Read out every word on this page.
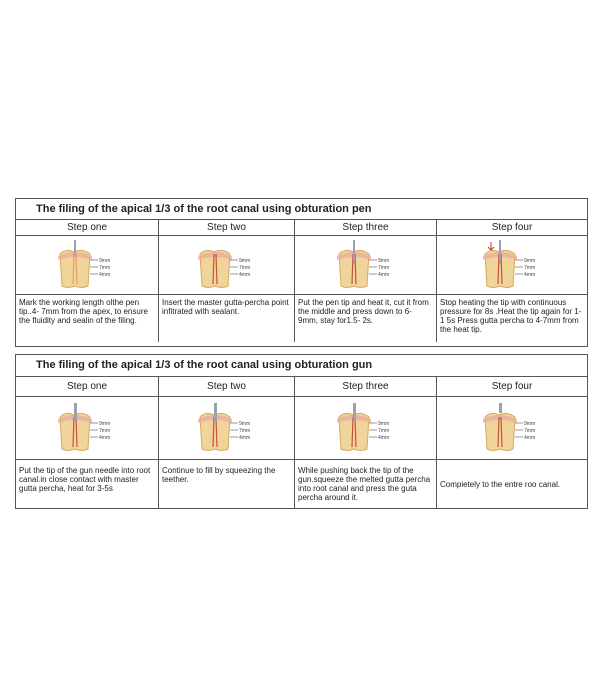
The filing of the apical 1/3 of the root canal using obturation pen
Step one
9mm
7mm
4mm
Mark the working length olthe pen tip..4- 7mm from the apex, to ensure the fluidity and sealin of the filing.
Step two
9mm
7mm
4mm
Insert the master gutta-percha point infitrated with sealant.
Step three
9mm
7mm
4mm
Put the pen tip and heat it, cut it from the middle and press down to 6- 9mm, stay for1.5- 2s.
Step four
9mm
7mm
4mm
Stop heating the tip with continuous pressure for 8s .Heat the tip again for 1-1 5s Press gutta percha to 4-7mm from the heat tip.
The filing of the apical 1/3 of the root canal using obturation gun
Step one
9mm
7mm
4mm
Put the tip of the gun needle into root canal.in close contact with master gutta percha, heat for 3-5s
Step two
9mm
7mm
4mm
Continue to fill by squeezing the teether.
Step three
9mm
7mm
4mm
While pushing back the tip of the gun.squeeze the melted gutta percha into root canal and press the guta percha around it.
Step four
9mm
7mm
4mm
Compietely to the entre roo canal.
